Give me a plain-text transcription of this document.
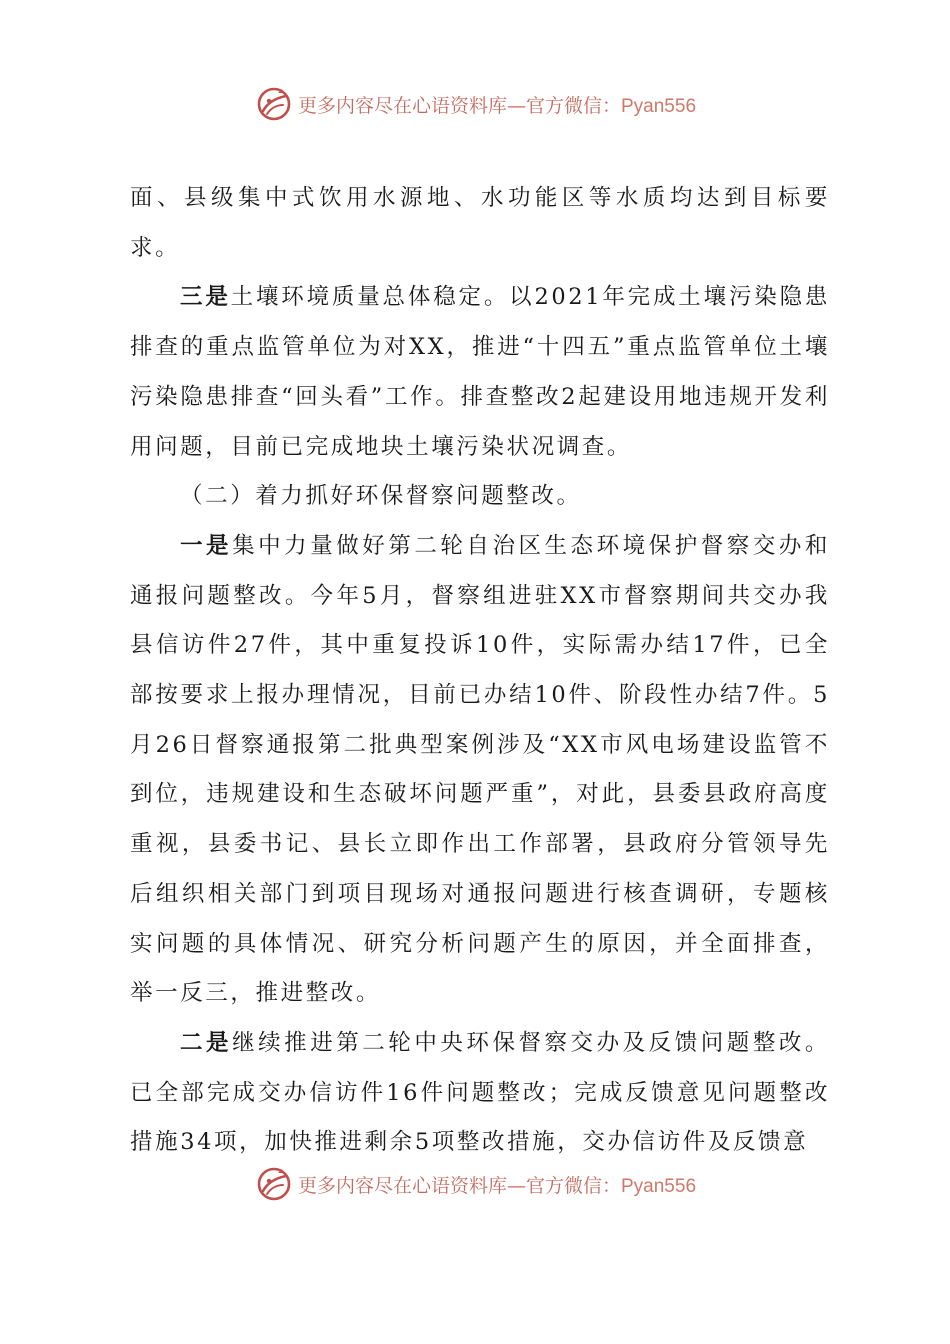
更多内容尽在心语资料库—官方微信：Pyan556

面、县级集中式饮用水源地、水功能区等水质均达到目标要求。

三是土壤环境质量总体稳定。以2021年完成土壤污染隐患排查的重点监管单位为对XX，推进“十四五”重点监管单位土壤污染隐患排查“回头看”工作。排查整改2起建设用地违规开发利用问题，目前已完成地块土壤污染状况调查。

（二）着力抓好环保督察问题整改。

一是集中力量做好第二轮自治区生态环境保护督察交办和通报问题整改。今年5月，督察组进驻XX市督察期间共交办我县信访件27件，其中重复投诉10件，实际需办结17件，已全部按要求上报办理情况，目前已办结10件、阶段性办结7件。5月26日督察通报第二批典型案例涉及“XX市风电场建设监管不到位，违规建设和生态破坏问题严重”，对此，县委县政府高度重视，县委书记、县长立即作出工作部署，县政府分管领导先后组织相关部门到项目现场对通报问题进行核查调研，专题核实问题的具体情况、研究分析问题产生的原因，并全面排查，举一反三，推进整改。

二是继续推进第二轮中央环保督察交办及反馈问题整改。已全部完成交办信访件16件问题整改；完成反馈意见问题整改措施34项，加快推进剩余5项整改措施，交办信访件及反馈意

更多内容尽在心语资料库—官方微信：Pyan556
